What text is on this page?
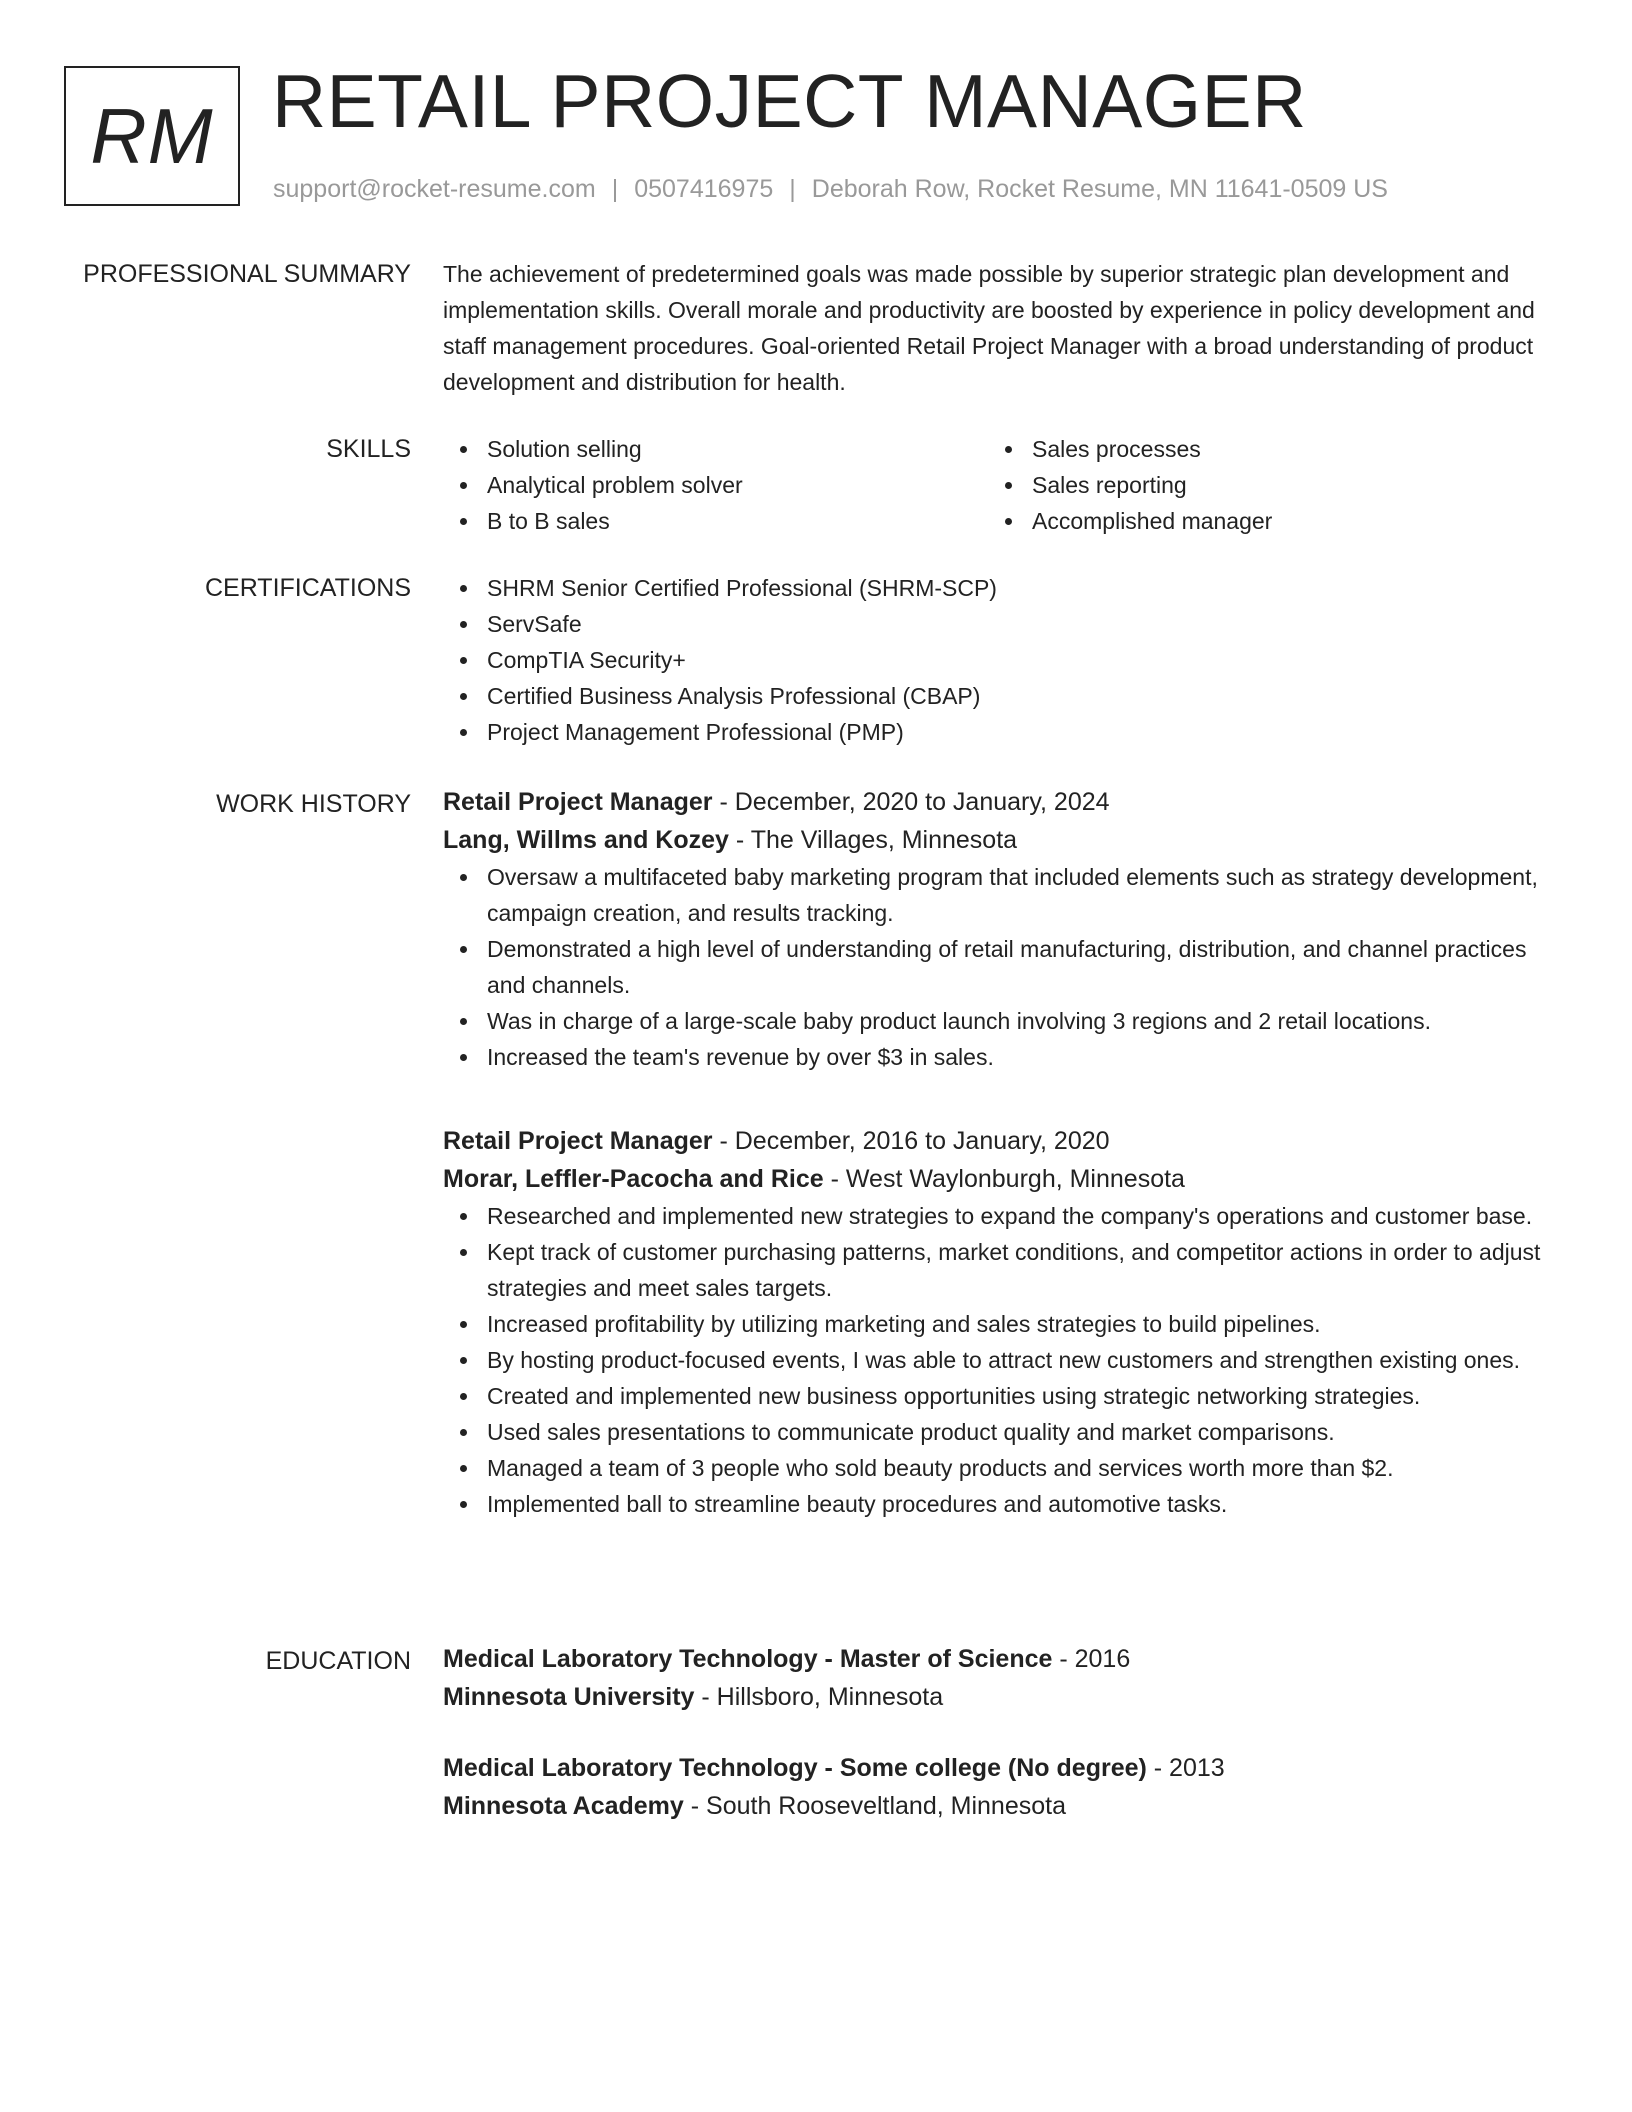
RM RETAIL PROJECT MANAGER
support@rocket-resume.com | 0507416975 | Deborah Row, Rocket Resume, MN 11641-0509 US
PROFESSIONAL SUMMARY The achievement of predetermined goals was made possible by superior strategic plan development and implementation skills. Overall morale and productivity are boosted by experience in policy development and staff management procedures. Goal-oriented Retail Project Manager with a broad understanding of product development and distribution for health.

SKILLS	Solution selling
Analytical problem solver
B to B sales
Sales processes
Sales reporting
Accomplished manager
CERTIFICATIONS	SHRM Senior Certified Professional (SHRM-SCP)
ServSafe
CompTIA Security+
Certified Business Analysis Professional (CBAP)
Project Management Professional (PMP)
WORK HISTORY Retail Project Manager - December, 2020 to January, 2024
Lang, Willms and Kozey - The Villages, Minnesota
Oversaw a multifaceted baby marketing program that included elements such as strategy development, campaign creation, and results tracking.
Demonstrated a high level of understanding of retail manufacturing, distribution, and channel practices and channels.
Was in charge of a large-scale baby product launch involving 3 regions and 2 retail locations.
Increased the team's revenue by over $3 in sales.
Retail Project Manager - December, 2016 to January, 2020
Morar, Leffler-Pacocha and Rice - West Waylonburgh, Minnesota
Researched and implemented new strategies to expand the company's operations and customer base.
Kept track of customer purchasing patterns, market conditions, and competitor actions in order to adjust strategies and meet sales targets.
Increased profitability by utilizing marketing and sales strategies to build pipelines.
By hosting product-focused events, I was able to attract new customers and strengthen existing ones.
Created and implemented new business opportunities using strategic networking strategies.
Used sales presentations to communicate product quality and market comparisons.
Managed a team of 3 people who sold beauty products and services worth more than $2.
Implemented ball to streamline beauty procedures and automotive tasks.
EDUCATION Medical Laboratory Technology - Master of Science - 2016
Minnesota University - Hillsboro, Minnesota
Medical Laboratory Technology - Some college (No degree) - 2013
Minnesota Academy - South Rooseveltland, Minnesota
